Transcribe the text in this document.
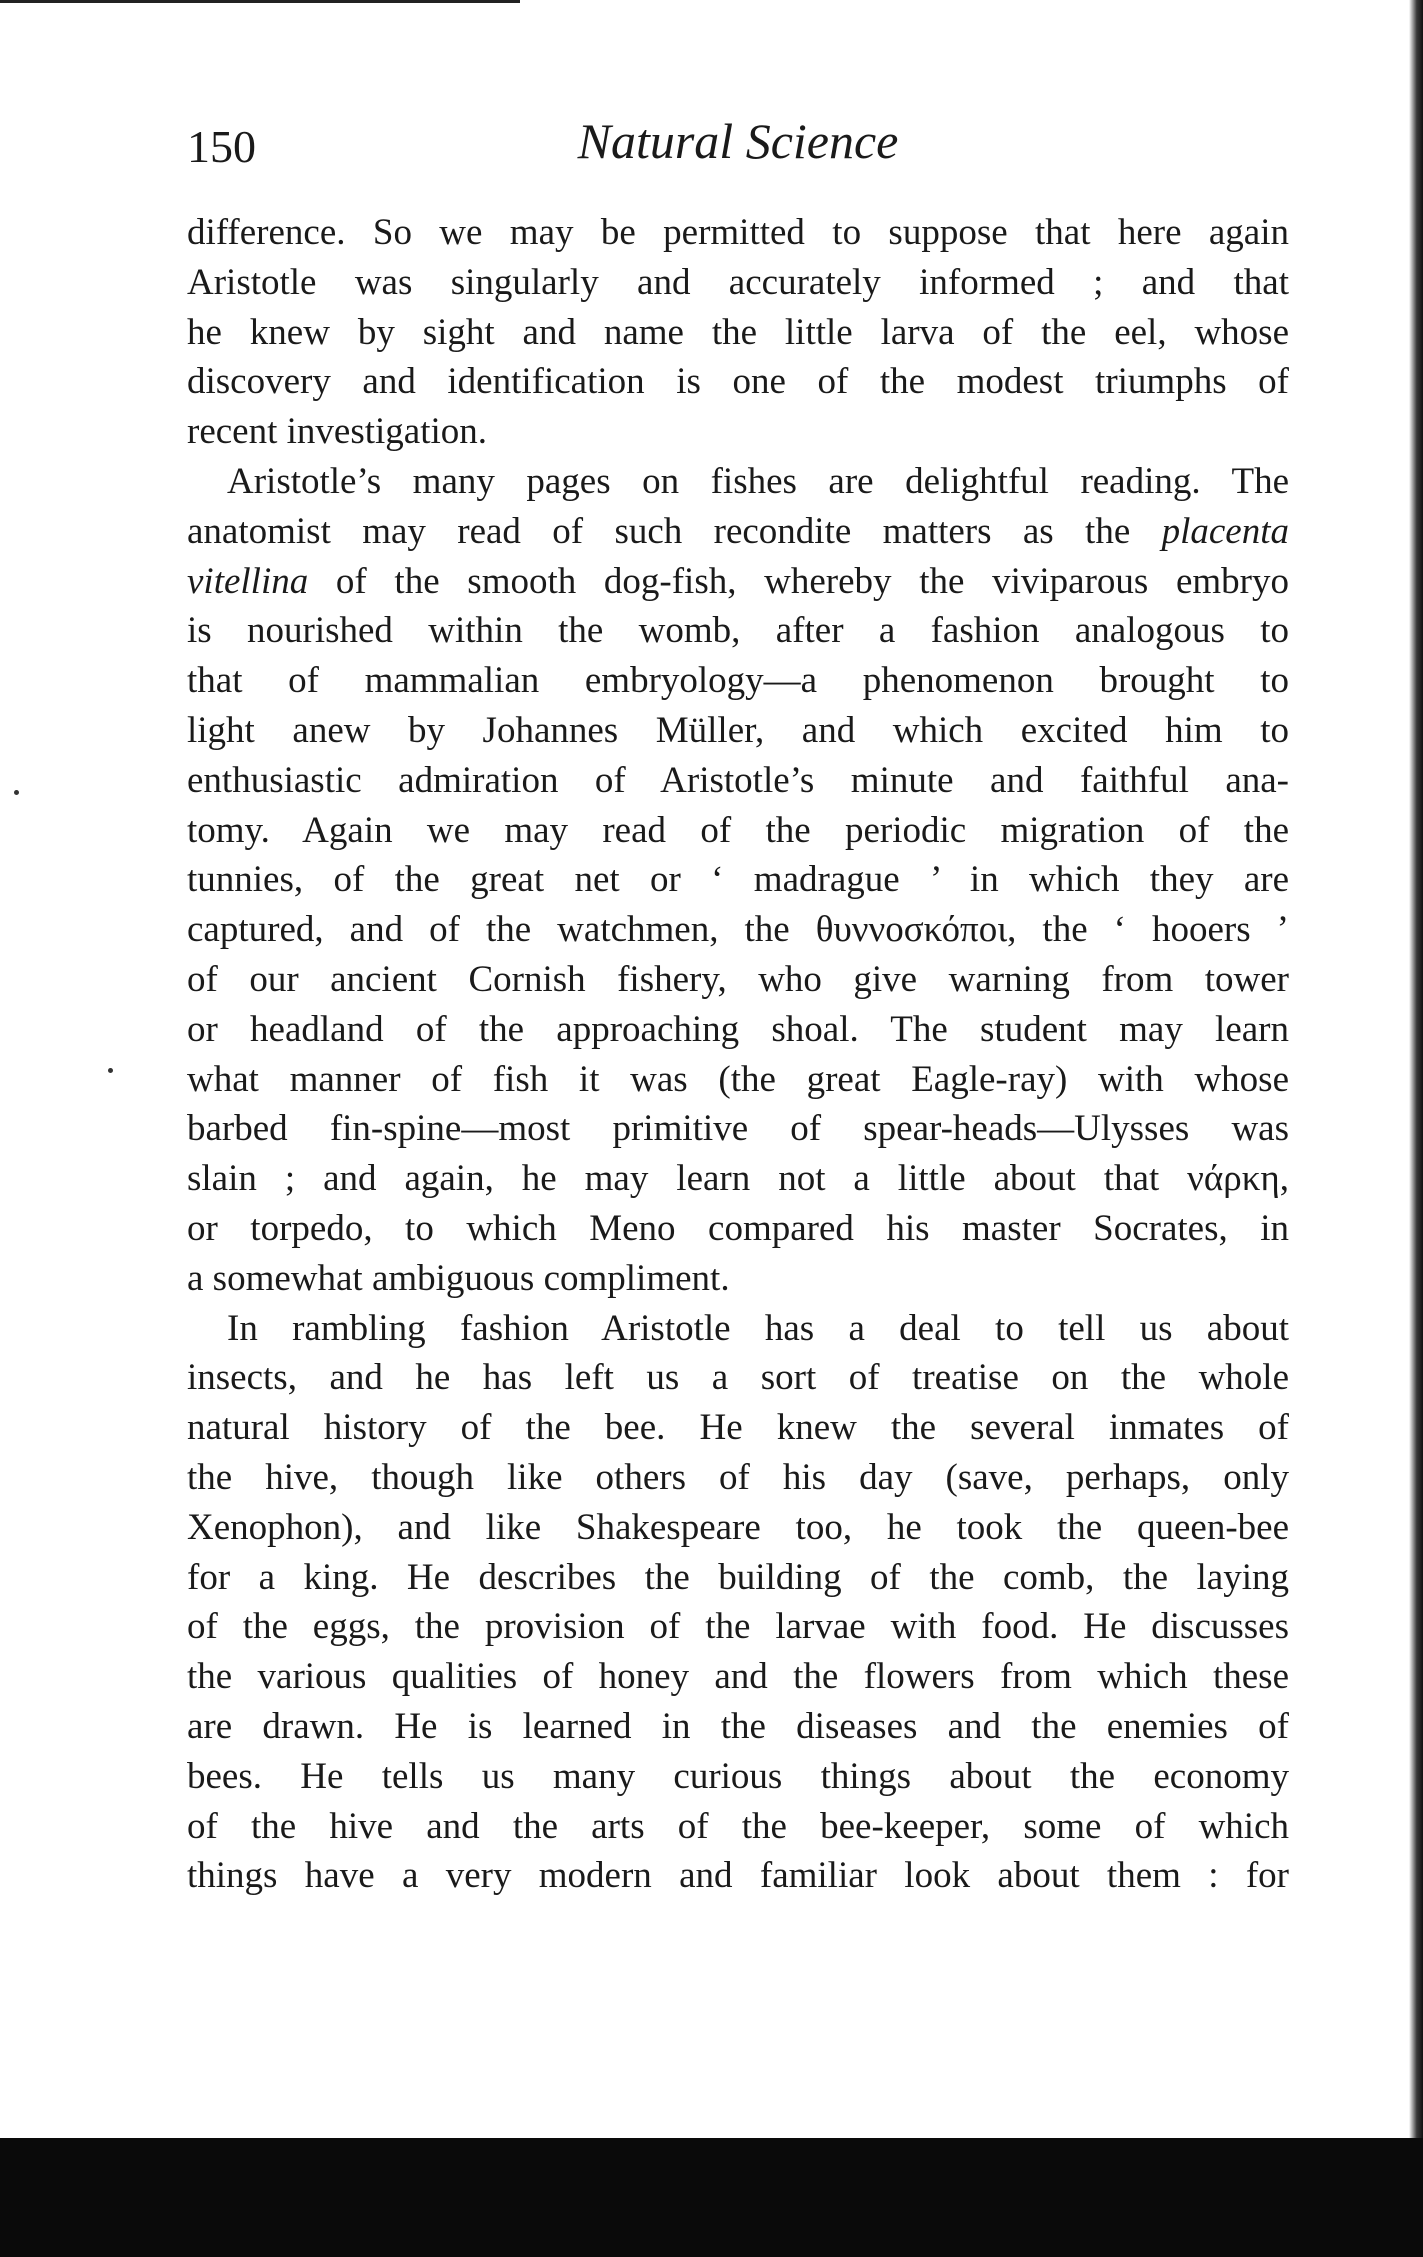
150	Natural Science
difference. So we may be permitted to suppose that here again
Aristotle was singularly and accurately informed ; and that
he knew by sight and name the little larva of the eel, whose
discovery and identification is one of the modest triumphs of
recent investigation.
Aristotle’s many pages on fishes are delightful reading. The
anatomist may read of such recondite matters as the placenta
vitellina of the smooth dog-fish, whereby the viviparous embryo
is nourished within the womb, after a fashion analogous to
that of mammalian embryology—a phenomenon brought to
light anew by Johannes Müller, and which excited him to
enthusiastic admiration of Aristotle’s minute and faithful ana-
tomy. Again we may read of the periodic migration of the
tunnies, of the great net or ‘ madrague ’ in which they are
captured, and of the watchmen, the θυννοσκόποι, the ‘ hooers ’
of our ancient Cornish fishery, who give warning from tower
or headland of the approaching shoal. The student may learn
what manner of fish it was (the great Eagle-ray) with whose
barbed fin-spine—most primitive of spear-heads—Ulysses was
slain ; and again, he may learn not a little about that νάρκη,
or torpedo, to which Meno compared his master Socrates, in
a somewhat ambiguous compliment.
In rambling fashion Aristotle has a deal to tell us about
insects, and he has left us a sort of treatise on the whole
natural history of the bee. He knew the several inmates of
the hive, though like others of his day (save, perhaps, only
Xenophon), and like Shakespeare too, he took the queen-bee
for a king. He describes the building of the comb, the laying
of the eggs, the provision of the larvae with food. He discusses
the various qualities of honey and the flowers from which these
are drawn. He is learned in the diseases and the enemies of
bees. He tells us many curious things about the economy
of the hive and the arts of the bee-keeper, some of which
things have a very modern and familiar look about them : for
